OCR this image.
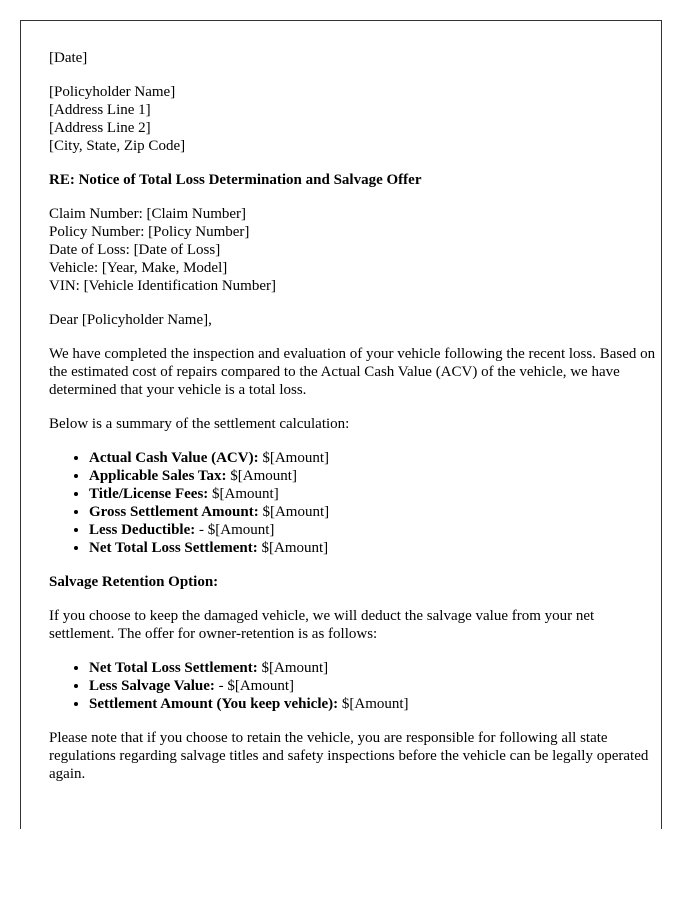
[Date]

[Policyholder Name]
[Address Line 1]
[Address Line 2]
[City, State, Zip Code]

RE: Notice of Total Loss Determination and Salvage Offer

Claim Number: [Claim Number]
Policy Number: [Policy Number]
Date of Loss: [Date of Loss]
Vehicle: [Year, Make, Model]
VIN: [Vehicle Identification Number]

Dear [Policyholder Name],

We have completed the inspection and evaluation of your vehicle following the recent loss. Based on the estimated cost of repairs compared to the Actual Cash Value (ACV) of the vehicle, we have determined that your vehicle is a total loss.

Below is a summary of the settlement calculation:

• Actual Cash Value (ACV): $[Amount]
• Applicable Sales Tax: $[Amount]
• Title/License Fees: $[Amount]
• Gross Settlement Amount: $[Amount]
• Less Deductible: - $[Amount]
• Net Total Loss Settlement: $[Amount]

Salvage Retention Option:

If you choose to keep the damaged vehicle, we will deduct the salvage value from your net settlement. The offer for owner-retention is as follows:

• Net Total Loss Settlement: $[Amount]
• Less Salvage Value: - $[Amount]
• Settlement Amount (You keep vehicle): $[Amount]

Please note that if you choose to retain the vehicle, you are responsible for following all state regulations regarding salvage titles and safety inspections before the vehicle can be legally operated again.
